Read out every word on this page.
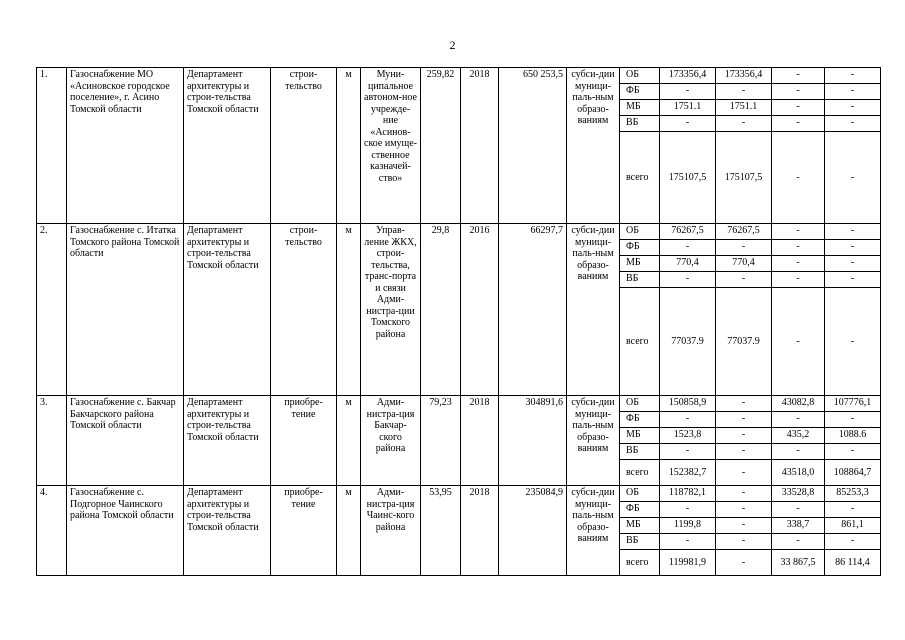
2
1.	Газоснабжение МО «Асиновское городское поселение», г. Асино Томской области	Департамент архитектуры и строи-тельства Томской области	строи-тельство	м	Муни-ципальное автоном-ное учрежде-ние «Асинов-ское имуще-ственное казначей-ство»	259,82	2018	650 253,5	субси-дии муници-паль-ным образо-ваниям	ОБ	173356,4	173356,4	-	-
										ФБ	-	-	-	-
										МБ	1751.1	1751.1	-	-
										ВБ	-	-	-	-
										всего	175107,5	175107,5	-	-
2.	Газоснабжение с. Итатка Томского района Томской области	Департамент архитектуры и строи-тельства Томской области	строи-тельство	м	Управ-ление ЖКХ, строи-тельства, транс-порта и связи Адми-нистра-ции Томского района	29,8	2016	66297,7	субси-дии муници-паль-ным образо-ваниям	ОБ	76267,5	76267,5	-	-
										ФБ	-	-	-	-
										МБ	770,4	770,4	-	-
										ВБ	-	-	-	-
										всего	77037.9	77037.9	-	-
3.	Газоснабжение с. Бакчар Бакчарского района Томской области	Департамент архитектуры и строи-тельства Томской области	приобре-тение	м	Адми-нистра-ция Бакчар-ского района	79,23	2018	304891,6	субси-дии муници-паль-ным образо-ваниям	ОБ	150858,9	-	43082,8	107776,1
										ФБ	-	-	-	-
										МБ	1523,8	-	435,2	1088.6
										ВБ	-	-	-	-
										всего	152382,7	-	43518,0	108864,7
4.	Газоснабжение с. Подгорное Чаинского района Томской области	Департамент архитектуры и строи-тельства Томской области	приобре-тение	м	Адми-нистра-ция Чаинс-кого района	53,95	2018	235084,9	субси-дии муници-паль-ным образо-ваниям	ОБ	118782,1	-	33528,8	85253,3
										ФБ	-	-	-	-
										МБ	1199,8	-	338,7	861,1
										ВБ	-	-	-	-
										всего	119981,9	-	33 867,5	86 114,4
